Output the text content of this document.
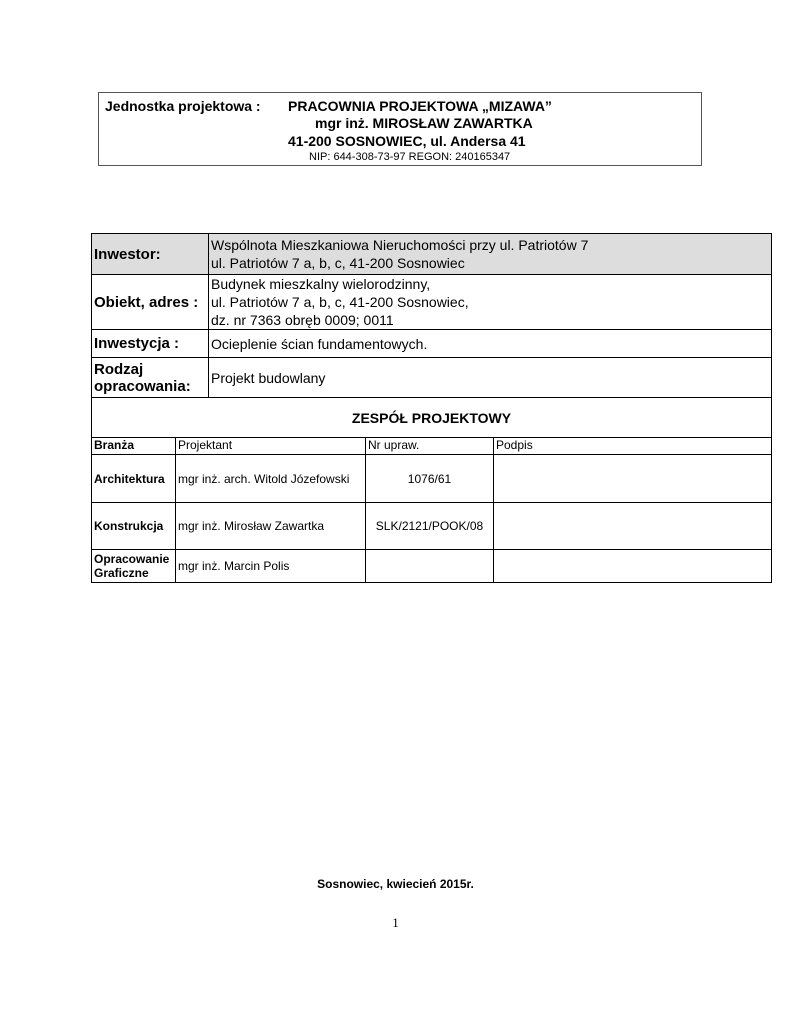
Jednostka projektowa : PRACOWNIA PROJEKTOWA „MIZAWA”
mgr inż. MIROSŁAW ZAWARTKA
41-200 SOSNOWIEC, ul. Andersa 41
NIP: 644-308-73-97 REGON: 240165347
Inwestor:	Wspólnota Mieszkaniowa Nieruchomości przy ul. Patriotów 7
ul. Patriotów 7 a, b, c, 41-200 Sosnowiec

Obiekt, adres :	Budynek mieszkalny wielorodzinny,
ul. Patriotów 7 a, b, c, 41-200 Sosnowiec,
dz. nr 7363 obręb 0009; 0011

Inwestycja :	Ocieplenie ścian fundamentowych.

Rodzaj
opracowania:	Projekt budowlany
ZESPÓŁ PROJEKTOWY	
Branża	Projektant	Nr upraw.	Podpis
Architektura	mgr inż. arch. Witold Józefowski	1076/61	
Konstrukcja	mgr inż. Mirosław Zawartka	SLK/2121/POOK/08	

Opracowanie
Graficzne	mgr inż. Marcin Polis		
Sosnowiec, kwiecień 2015r.
1
